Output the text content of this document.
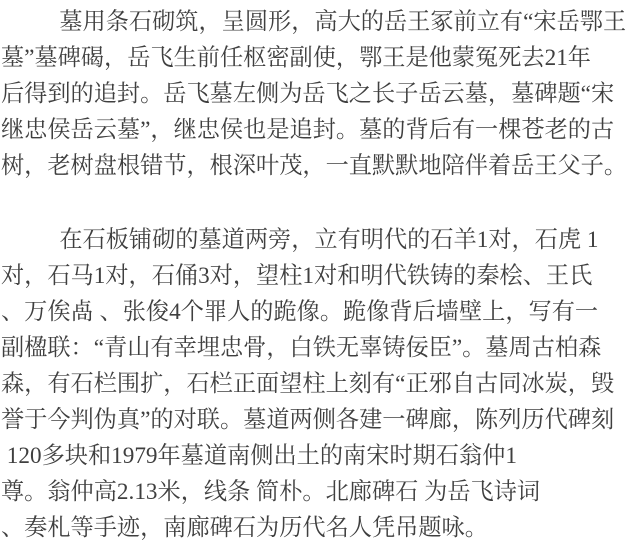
　　墓用条石砌筑，呈圆形，高大的岳王冢前立有“宋岳鄂王
墓”墓碑碣，岳飞生前任枢密副使，鄂王是他蒙冤死去21年
后得到的追封。岳飞墓左侧为岳飞之长子岳云墓，墓碑题“宋
继忠侯岳云墓”，继忠侯也是追封。墓的背后有一棵苍老的古
树，老树盘根错节，根深叶茂，一直默默地陪伴着岳王父子。
　　在石板铺砌的墓道两旁，立有明代的石羊1对，石虎 1
对，石马1对，石俑3对，望柱1对和明代铁铸的秦桧、王氏
、万俟卨 、张俊4个罪人的跪像。跪像背后墙壁上，写有一
副楹联：“青山有幸埋忠骨，白铁无辜铸佞臣”。墓周古柏森
森，有石栏围扩，石栏正面望柱上刻有“正邪自古同冰炭，毁
誉于今判伪真”的对联。墓道两侧各建一碑廊，陈列历代碑刻
120多块和1979年墓道南侧出土的南宋时期石翁仲1
尊。翁仲高2.13米，线条 简朴。北廊碑石 为岳飞诗词
、奏札等手迹，南廊碑石为历代名人凭吊题咏。
